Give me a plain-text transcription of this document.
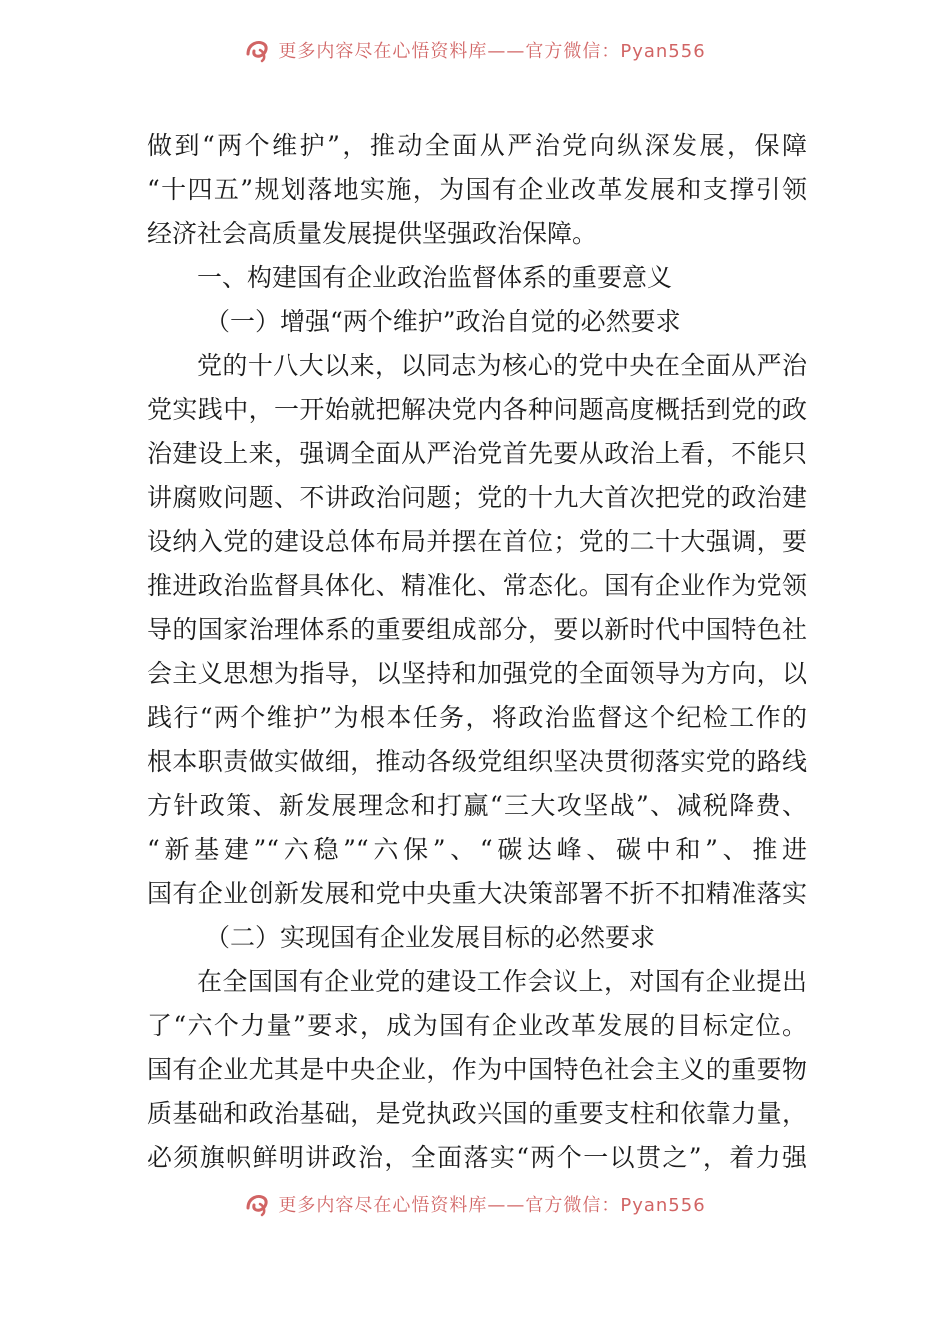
更多内容尽在心悟资料库——官方微信：Pyan556
做到“两个维护”，推动全面从严治党向纵深发展，保障
“十四五”规划落地实施，为国有企业改革发展和支撑引领
经济社会高质量发展提供坚强政治保障。
一、构建国有企业政治监督体系的重要意义
（一）增强“两个维护”政治自觉的必然要求
党的十八大以来，以同志为核心的党中央在全面从严治
党实践中，一开始就把解决党内各种问题高度概括到党的政
治建设上来，强调全面从严治党首先要从政治上看，不能只
讲腐败问题、不讲政治问题；党的十九大首次把党的政治建
设纳入党的建设总体布局并摆在首位；党的二十大强调，要
推进政治监督具体化、精准化、常态化。国有企业作为党领
导的国家治理体系的重要组成部分，要以新时代中国特色社
会主义思想为指导，以坚持和加强党的全面领导为方向，以
践行“两个维护”为根本任务，将政治监督这个纪检工作的
根本职责做实做细，推动各级党组织坚决贯彻落实党的路线
方针政策、新发展理念和打赢“三大攻坚战”、减税降费、
“新基建”“六稳”“六保”、“碳达峰、碳中和”、推进
国有企业创新发展和党中央重大决策部署不折不扣精准落实
（二）实现国有企业发展目标的必然要求
在全国国有企业党的建设工作会议上，对国有企业提出
了“六个力量”要求，成为国有企业改革发展的目标定位。
国有企业尤其是中央企业，作为中国特色社会主义的重要物
质基础和政治基础，是党执政兴国的重要支柱和依靠力量，
必须旗帜鲜明讲政治，全面落实“两个一以贯之”，着力强
更多内容尽在心悟资料库——官方微信：Pyan556
